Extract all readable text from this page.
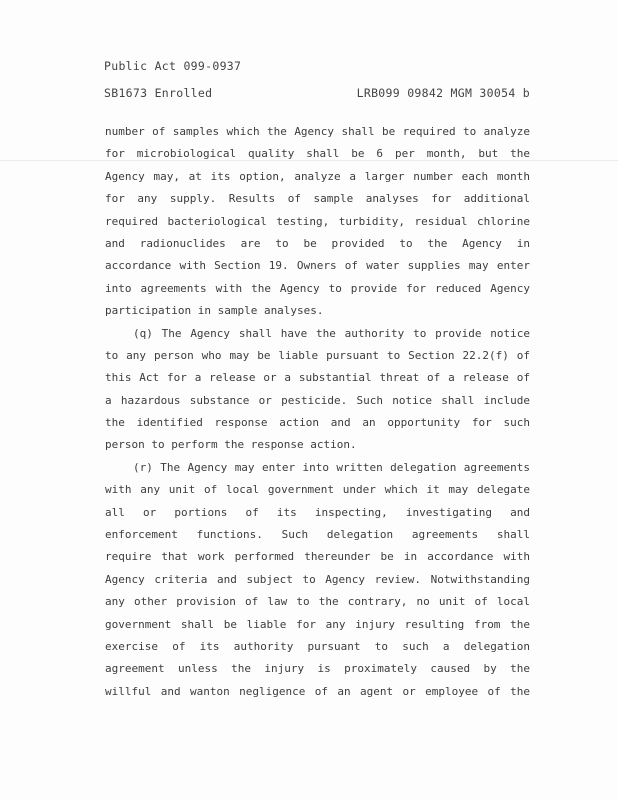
Public Act 099-0937
SB1673 Enrolled	LRB099 09842 MGM 30054 b
number of samples which the Agency shall be required to analyze
for microbiological quality shall be 6 per month, but the
Agency may, at its option, analyze a larger number each month
for any supply. Results of sample analyses for additional
required bacteriological testing, turbidity, residual chlorine
and radionuclides are to be provided to the Agency in
accordance with Section 19. Owners of water supplies may enter
into agreements with the Agency to provide for reduced Agency
participation in sample analyses.
(q) The Agency shall have the authority to provide notice
to any person who may be liable pursuant to Section 22.2(f) of
this Act for a release or a substantial threat of a release of
a hazardous substance or pesticide. Such notice shall include
the identified response action and an opportunity for such
person to perform the response action.
(r) The Agency may enter into written delegation agreements
with any unit of local government under which it may delegate
all or portions of its inspecting, investigating and
enforcement functions. Such delegation agreements shall
require that work performed thereunder be in accordance with
Agency criteria and subject to Agency review. Notwithstanding
any other provision of law to the contrary, no unit of local
government shall be liable for any injury resulting from the
exercise of its authority pursuant to such a delegation
agreement unless the injury is proximately caused by the
willful and wanton negligence of an agent or employee of the
